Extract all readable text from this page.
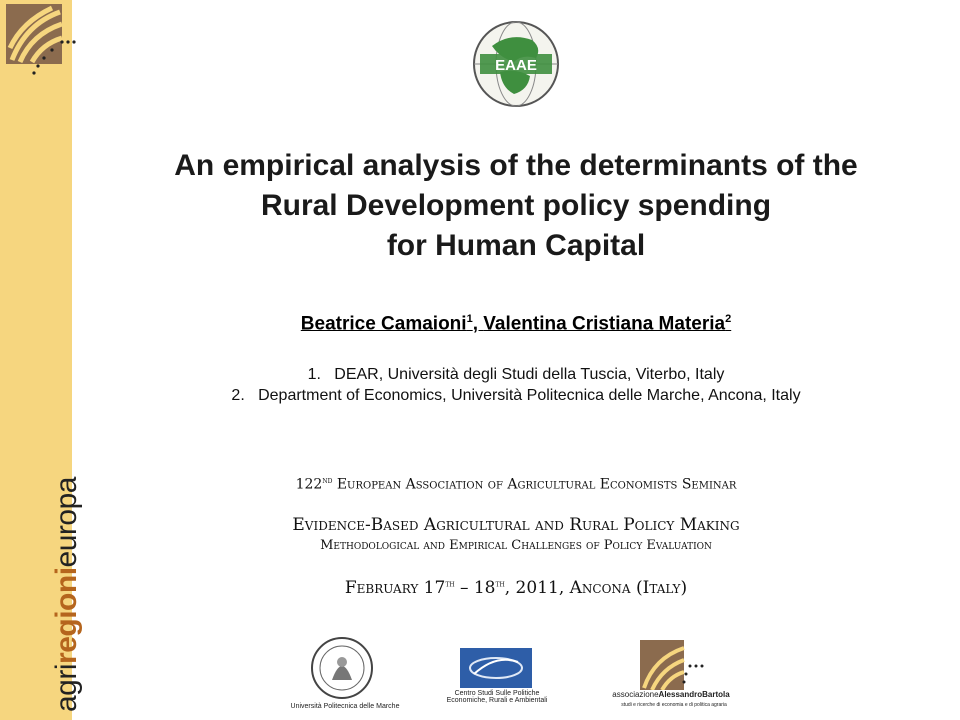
agriregionieuropa
EAAE
An empirical analysis of the determinants of the
Rural Development policy spending
for Human Capital
Beatrice Camaioni$^1$, Valentina Cristiana Materia$^2$
1.   DEAR, Università degli Studi della Tuscia, Viterbo, Italy
2.   Department of Economics, Università Politecnica delle Marche, Ancona, Italy
122nd European Association of Agricultural Economists Seminar
Evidence-Based Agricultural and Rural Policy Making
Methodological and Empirical Challenges of Policy Evaluation
February 17th – 18th, 2011, Ancona (Italy)
Università Politecnica delle Marche
Centro Studi Sulle Politiche
Economiche, Rurali e Ambientali
associazioneAlessandroBartola
studi e ricerche di economia e di politica agraria
